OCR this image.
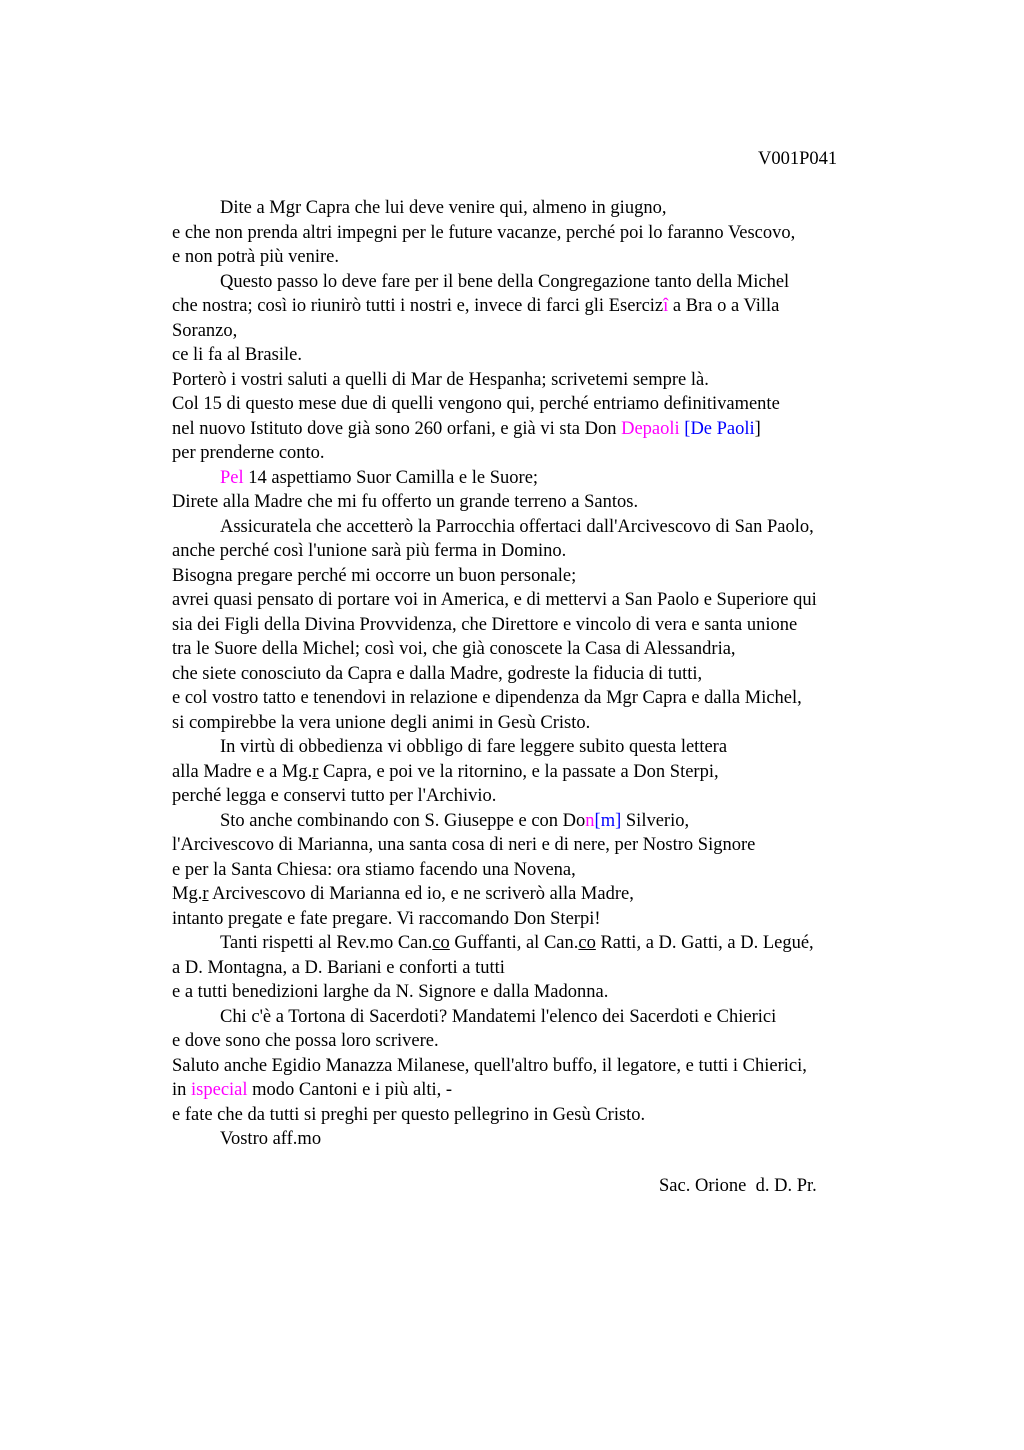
V001P041
Dite a Mgr Capra che lui deve venire qui, almeno in giugno,
e che non prenda altri impegni per le future vacanze, perché poi lo faranno Vescovo,
e non potrà più venire.
Questo passo lo deve fare per il bene della Congregazione tanto della Michel
che nostra; così io riunirò tutti i nostri e, invece di farci gli Esercizî a Bra o a Villa
Soranzo,
ce li fa al Brasile.
Porterò i vostri saluti a quelli di Mar de Hespanha; scrivetemi sempre là.
Col 15 di questo mese due di quelli vengono qui, perché entriamo definitivamente
nel nuovo Istituto dove già sono 260 orfani, e già vi sta Don Depaoli [De Paoli]
per prenderne conto.
Pel 14 aspettiamo Suor Camilla e le Suore;
Direte alla Madre che mi fu offerto un grande terreno a Santos.
Assicuratela che accetterò la Parrocchia offertaci dall'Arcivescovo di San Paolo,
anche perché così l'unione sarà più ferma in Domino.
Bisogna pregare perché mi occorre un buon personale;
avrei quasi pensato di portare voi in America, e di mettervi a San Paolo e Superiore qui
sia dei Figli della Divina Provvidenza, che Direttore e vincolo di vera e santa unione
tra le Suore della Michel; così voi, che già conoscete la Casa di Alessandria,
che siete conosciuto da Capra e dalla Madre, godreste la fiducia di tutti,
e col vostro tatto e tenendovi in relazione e dipendenza da Mgr Capra e dalla Michel,
si compirebbe la vera unione degli animi in Gesù Cristo.
In virtù di obbedienza vi obbligo di fare leggere subito questa lettera
alla Madre e a Mg.r Capra, e poi ve la ritornino, e la passate a Don Sterpi,
perché legga e conservi tutto per l'Archivio.
Sto anche combinando con S. Giuseppe e con Don[m] Silverio,
l'Arcivescovo di Marianna, una santa cosa di neri e di nere, per Nostro Signore
e per la Santa Chiesa: ora stiamo facendo una Novena,
Mg.r Arcivescovo di Marianna ed io, e ne scriverò alla Madre,
intanto pregate e fate pregare. Vi raccomando Don Sterpi!
Tanti rispetti al Rev.mo Can.co Guffanti, al Can.co Ratti, a D. Gatti, a D. Legué,
a D. Montagna, a D. Bariani e conforti a tutti
e a tutti benedizioni larghe da N. Signore e dalla Madonna.
Chi c'è a Tortona di Sacerdoti? Mandatemi l'elenco dei Sacerdoti e Chierici
e dove sono che possa loro scrivere.
Saluto anche Egidio Manazza Milanese, quell'altro buffo, il legatore, e tutti i Chierici,
in ispecial modo Cantoni e i più alti, -
e fate che da tutti si preghi per questo pellegrino in Gesù Cristo.
Vostro aff.mo
Sac. Orione  d. D. Pr.
